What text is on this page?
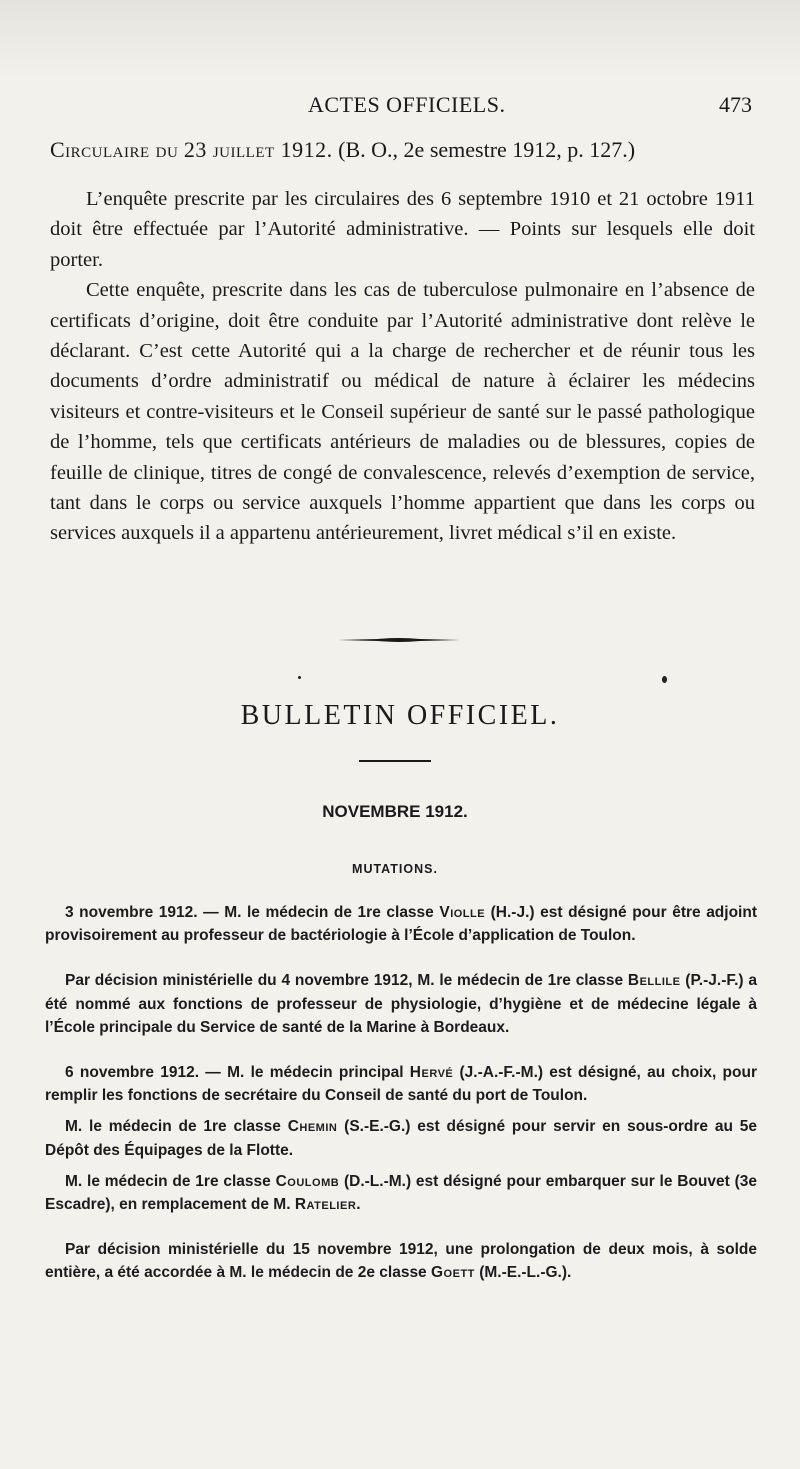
ACTES OFFICIELS.	473
Circulaire du 23 juillet 1912. (B. O., 2e semestre 1912, p. 127.)

L’enquête prescrite par les circulaires des 6 septembre 1910 et 21 octobre 1911 doit être effectuée par l’Autorité administrative. — Points sur lesquels elle doit porter.

Cette enquête, prescrite dans les cas de tuberculose pulmonaire en l’absence de certificats d’origine, doit être conduite par l’Autorité administrative dont relève le déclarant. C’est cette Autorité qui a la charge de rechercher et de réunir tous les documents d’ordre administratif ou médical de nature à éclairer les médecins visiteurs et contre-visiteurs et le Conseil supérieur de santé sur le passé pathologique de l’homme, tels que certificats antérieurs de maladies ou de blessures, copies de feuille de clinique, titres de congé de convalescence, relevés d’exemption de service, tant dans le corps ou service auxquels l’homme appartient que dans les corps ou services auxquels il a appartenu antérieurement, livret médical s’il en existe.

BULLETIN OFFICIEL.
NOVEMBRE 1912.
MUTATIONS.

3 novembre 1912. — M. le médecin de 1re classe Violle (H.-J.) est désigné pour être adjoint provisoirement au professeur de bactériologie à l’École d’application de Toulon.

Par décision ministérielle du 4 novembre 1912, M. le médecin de 1re classe Bellile (P.-J.-F.) a été nommé aux fonctions de professeur de physiologie, d’hygiène et de médecine légale à l’École principale du Service de santé de la Marine à Bordeaux.

6 novembre 1912. — M. le médecin principal Hervé (J.-A.-F.-M.) est désigné, au choix, pour remplir les fonctions de secrétaire du Conseil de santé du port de Toulon.

M. le médecin de 1re classe Chemin (S.-E.-G.) est désigné pour servir en sous-ordre au 5e Dépôt des Équipages de la Flotte.

M. le médecin de 1re classe Coulomb (D.-L.-M.) est désigné pour embarquer sur le Bouvet (3e Escadre), en remplacement de M. Ratelier.

Par décision ministérielle du 15 novembre 1912, une prolongation de deux mois, à solde entière, a été accordée à M. le médecin de 2e classe Goett (M.-E.-L.-G.).
